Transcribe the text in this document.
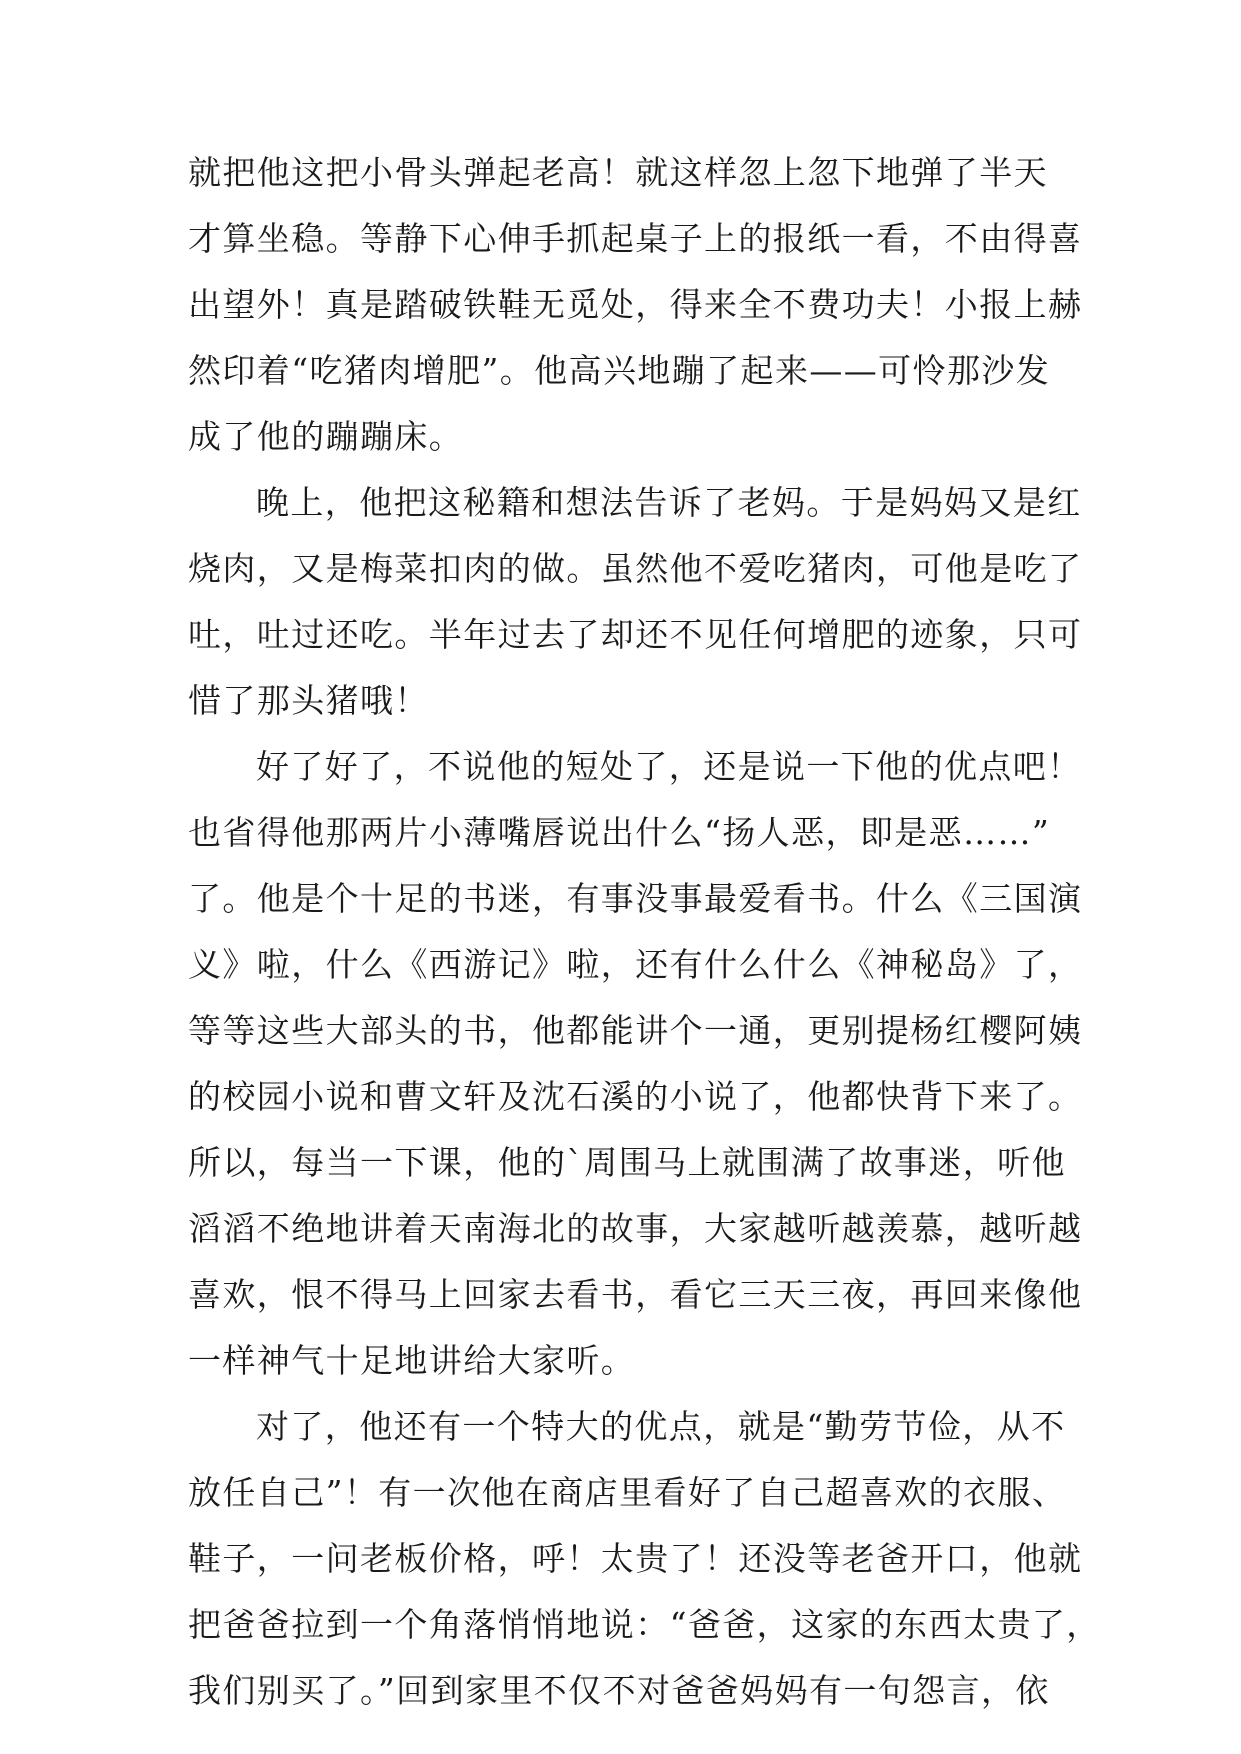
就把他这把小骨头弹起老高！就这样忽上忽下地弹了半天
才算坐稳。等静下心伸手抓起桌子上的报纸一看，不由得喜
出望外！真是踏破铁鞋无觅处，得来全不费功夫！小报上赫
然印着“吃猪肉增肥”。他高兴地蹦了起来——可怜那沙发
成了他的蹦蹦床。
晚上，他把这秘籍和想法告诉了老妈。于是妈妈又是红
烧肉，又是梅菜扣肉的做。虽然他不爱吃猪肉，可他是吃了
吐，吐过还吃。半年过去了却还不见任何增肥的迹象，只可
惜了那头猪哦！
好了好了，不说他的短处了，还是说一下他的优点吧！
也省得他那两片小薄嘴唇说出什么“扬人恶，即是恶……”
了。他是个十足的书迷，有事没事最爱看书。什么《三国演
义》啦，什么《西游记》啦，还有什么什么《神秘岛》了，
等等这些大部头的书，他都能讲个一通，更别提杨红樱阿姨
的校园小说和曹文轩及沈石溪的小说了，他都快背下来了。
所以，每当一下课，他的`周围马上就围满了故事迷，听他
滔滔不绝地讲着天南海北的故事，大家越听越羡慕，越听越
喜欢，恨不得马上回家去看书，看它三天三夜，再回来像他
一样神气十足地讲给大家听。
对了，他还有一个特大的优点，就是“勤劳节俭，从不
放任自己”！有一次他在商店里看好了自己超喜欢的衣服、
鞋子，一问老板价格，呼！太贵了！还没等老爸开口，他就
把爸爸拉到一个角落悄悄地说：“爸爸，这家的东西太贵了，
我们别买了。”回到家里不仅不对爸爸妈妈有一句怨言，依
